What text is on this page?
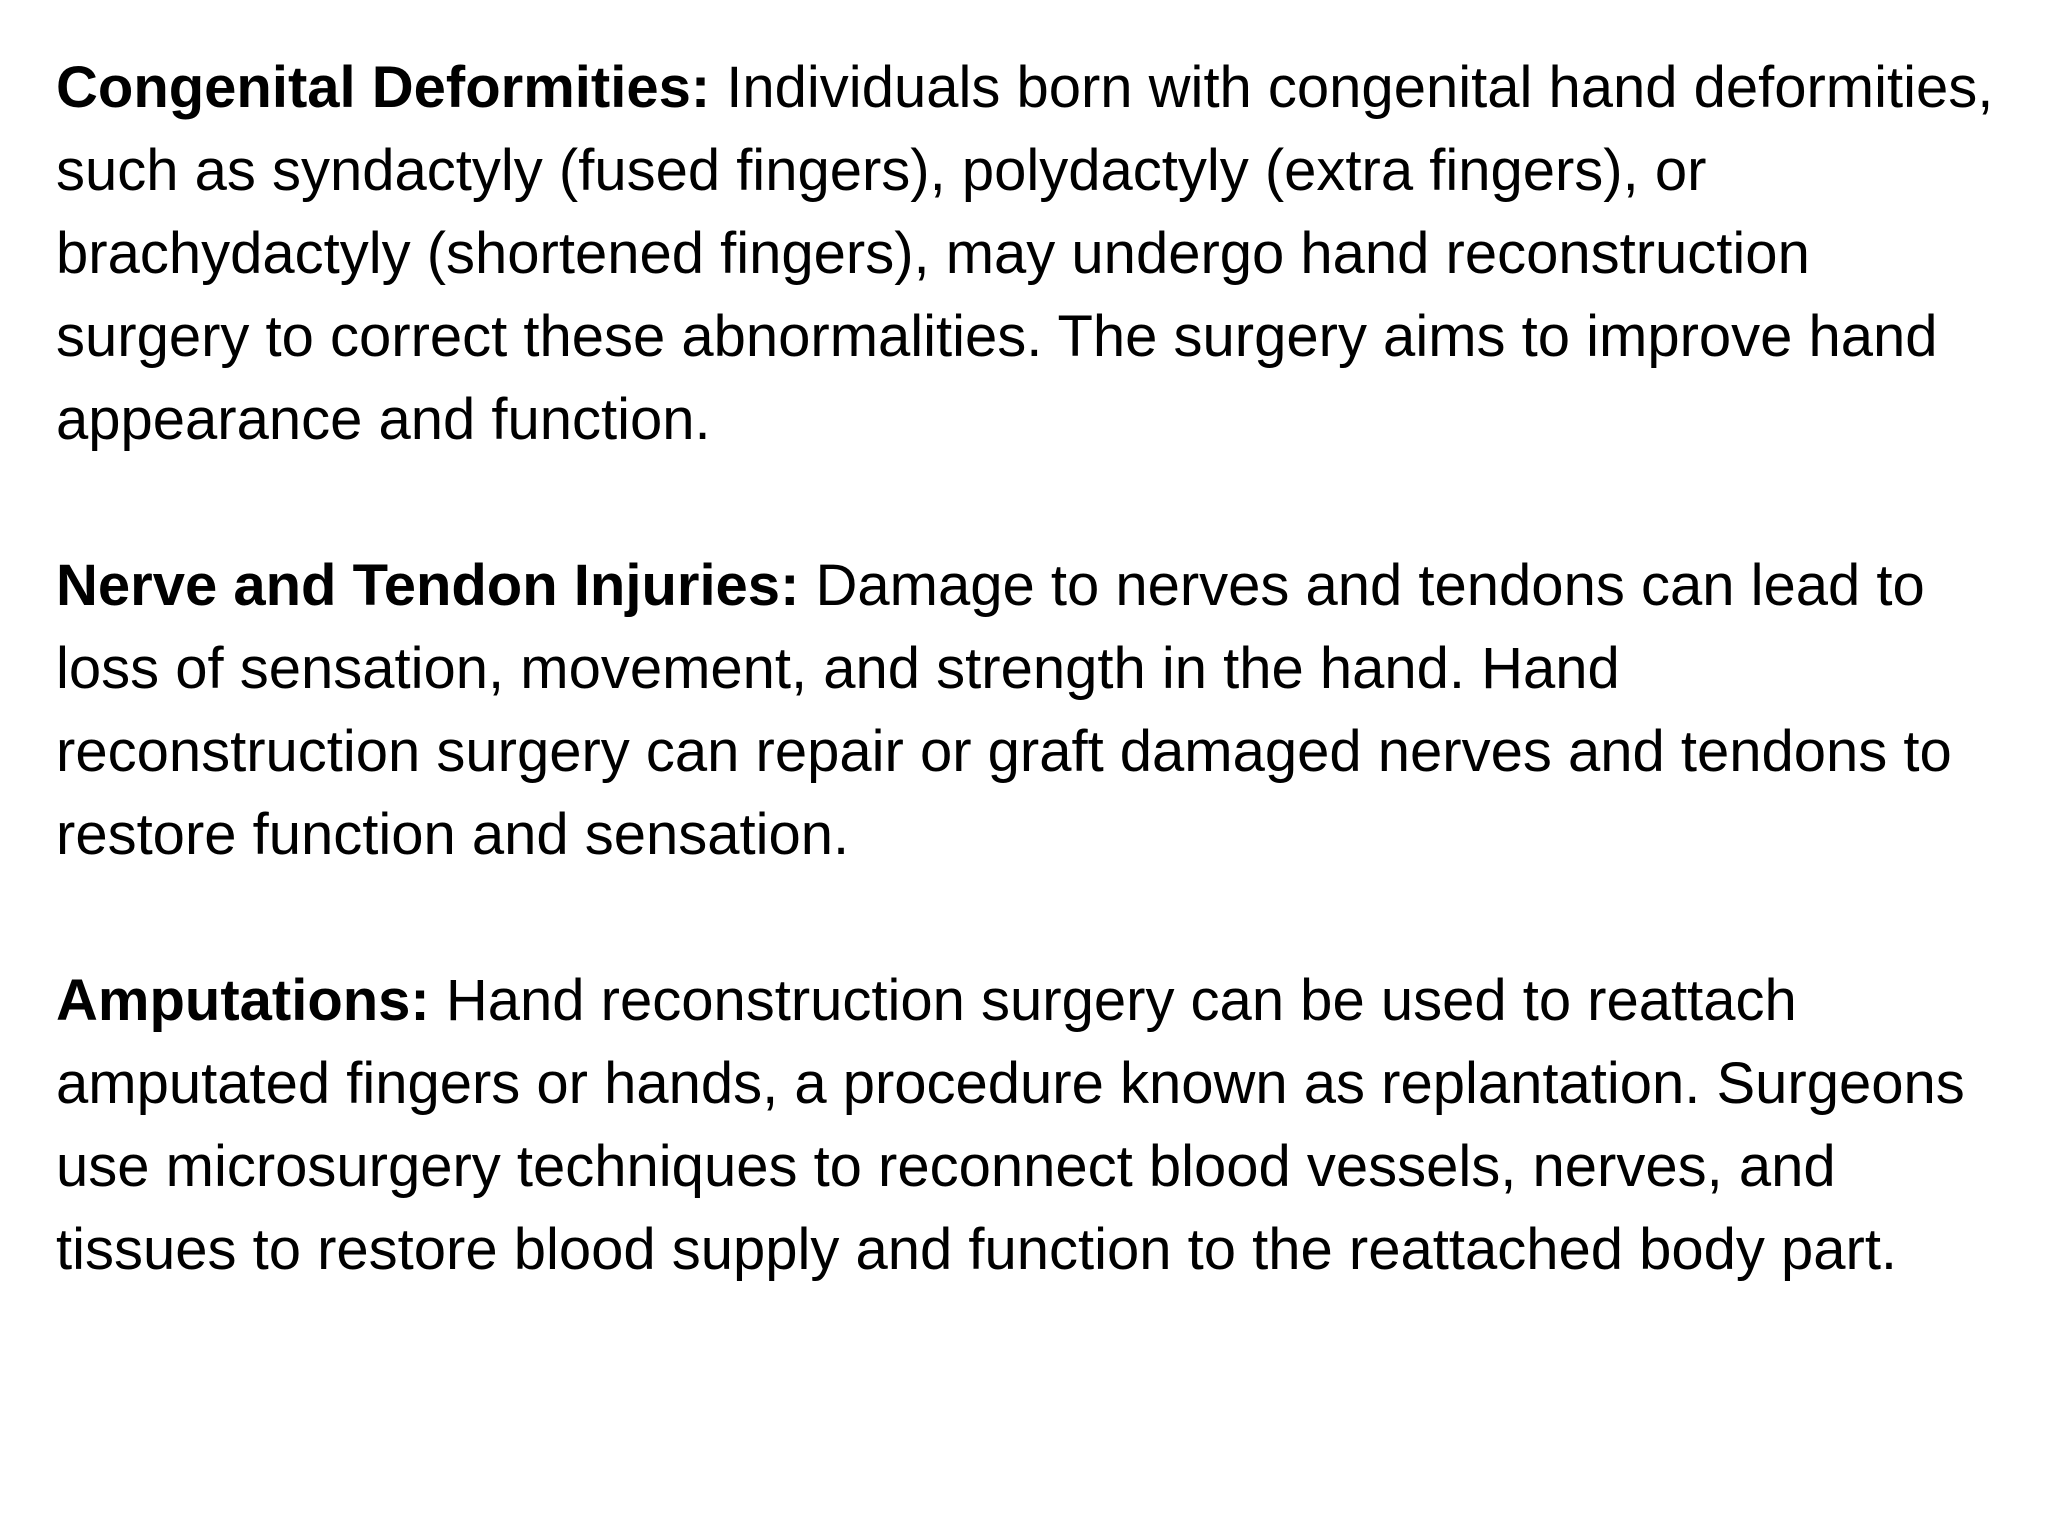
Congenital Deformities: Individuals born with congenital hand deformities, such as syndactyly (fused fingers), polydactyly (extra fingers), or brachydactyly (shortened fingers), may undergo hand reconstruction surgery to correct these abnormalities. The surgery aims to improve hand appearance and function.

Nerve and Tendon Injuries: Damage to nerves and tendons can lead to loss of sensation, movement, and strength in the hand. Hand reconstruction surgery can repair or graft damaged nerves and tendons to restore function and sensation.

Amputations: Hand reconstruction surgery can be used to reattach amputated fingers or hands, a procedure known as replantation. Surgeons use microsurgery techniques to reconnect blood vessels, nerves, and tissues to restore blood supply and function to the reattached body part.
